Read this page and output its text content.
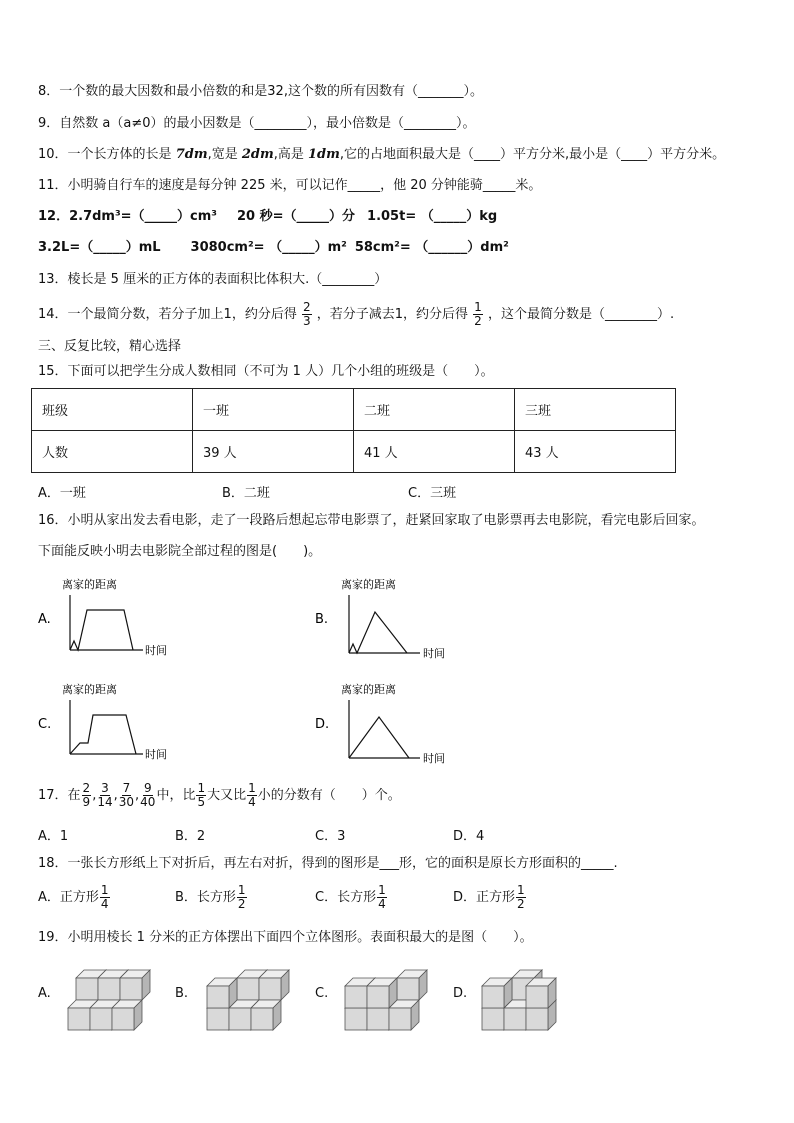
8．一个数的最大因数和最小倍数的和是32,这个数的所有因数有（_______）。
9．自然数 a（a≠0）的最小因数是（________），最小倍数是（________）。
10．一个长方体的长是 7dm,宽是 2dm,高是 1dm,它的占地面积最大是（____）平方分米,最小是（____）平方分米。
11．小明骑自行车的速度是每分钟 225 米，可以记作_____，他 20 分钟能骑_____米。
12．2.7dm³=（_____）cm³ 20 秒=（_____）分 1.05t= （_____）kg
3.2L=（_____）mL 3080cm²= （_____）m² 58cm²= （______）dm²
13．棱长是 5 厘米的正方体的表面积比体积大.（________）
14．一个最简分数，若分子加上1，约分后得 $\frac{2}{3}$ ，若分子减去1，约分后得 $\frac{1}{2}$ ，这个最简分数是（________）.
三、反复比较，精心选择
15．下面可以把学生分成人数相同（不可为 1 人）几个小组的班级是（　　）。
班级	一班	二班	三班
人数	39 人	41 人	43 人
A．一班	B．二班	C．三班
16．小明从家出发去看电影，走了一段路后想起忘带电影票了，赶紧回家取了电影票再去电影院，看完电影后回家。
下面能反映小明去电影院全部过程的图是(　　)。
A.
离家的距离
时间
B.
离家的距离
时间
C.
离家的距离
时间
D.
离家的距离
时间
17．在 $\frac{2}{9}$ , $\frac{3}{14}$ , $\frac{7}{30}$ , $\frac{9}{40}$ 中，比 $\frac{1}{5}$ 大又比 $\frac{1}{4}$ 小的分数有（　　）个。
A．1	B．2	C．3	D．4
18．一张长方形纸上下对折后，再左右对折，得到的图形是___形，它的面积是原长方形面积的_____.
A．正方形 $\frac{1}{4}$	B．长方形 $\frac{1}{2}$	C．长方形 $\frac{1}{4}$	D．正方形 $\frac{1}{2}$
19．小明用棱长 1 分米的正方体摆出下面四个立体图形。表面积最大的是图（　　）。
A.	B.	C.	D.
